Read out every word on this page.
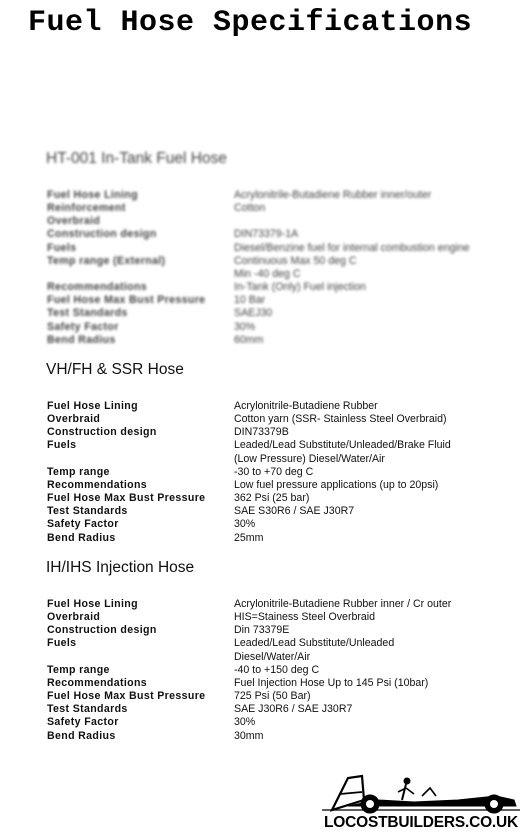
Fuel Hose Specifications
HT-001 In-Tank Fuel Hose
Fuel Hose Lining	Acrylonitrile-Butadiene Rubber inner/outer
Reinforcement	Cotton
Overbraid	
Construction design	DIN73379-1A
Fuels	Diesel/Benzine fuel for internal combustion engine
Temp range (External)	Continuous Max 50 deg C
	Min -40 deg C
Recommendations	In-Tank (Only) Fuel injection
Fuel Hose Max Bust Pressure	10 Bar
Test Standards	SAEJ30
Safety Factor	30%
Bend Radius	60mm
VH/FH & SSR Hose
Fuel Hose Lining	Acrylonitrile-Butadiene Rubber
Overbraid	Cotton yarn (SSR- Stainless Steel Overbraid)
Construction design	DIN73379B
Fuels	Leaded/Lead Substitute/Unleaded/Brake Fluid
	(Low Pressure) Diesel/Water/Air
Temp range	-30 to +70 deg C
Recommendations	Low fuel pressure applications (up to 20psi)
Fuel Hose Max Bust Pressure	362 Psi (25 bar)
Test Standards	SAE S30R6 / SAE J30R7
Safety Factor	30%
Bend Radius	25mm
IH/IHS Injection Hose
Fuel Hose Lining	Acrylonitrile-Butadiene Rubber inner / Cr outer
Overbraid	HIS=Stainess Steel Overbraid
Construction design	Din 73379E
Fuels	Leaded/Lead Substitute/Unleaded
	Diesel/Water/Air
Temp range	-40 to +150 deg C
Recommendations	Fuel Injection Hose Up to 145 Psi (10bar)
Fuel Hose Max Bust Pressure	725 Psi (50 Bar)
Test Standards	SAE J30R6 / SAE J30R7
Safety Factor	30%
Bend Radius	30mm
LOCOSTBUILDERS.CO.UK
